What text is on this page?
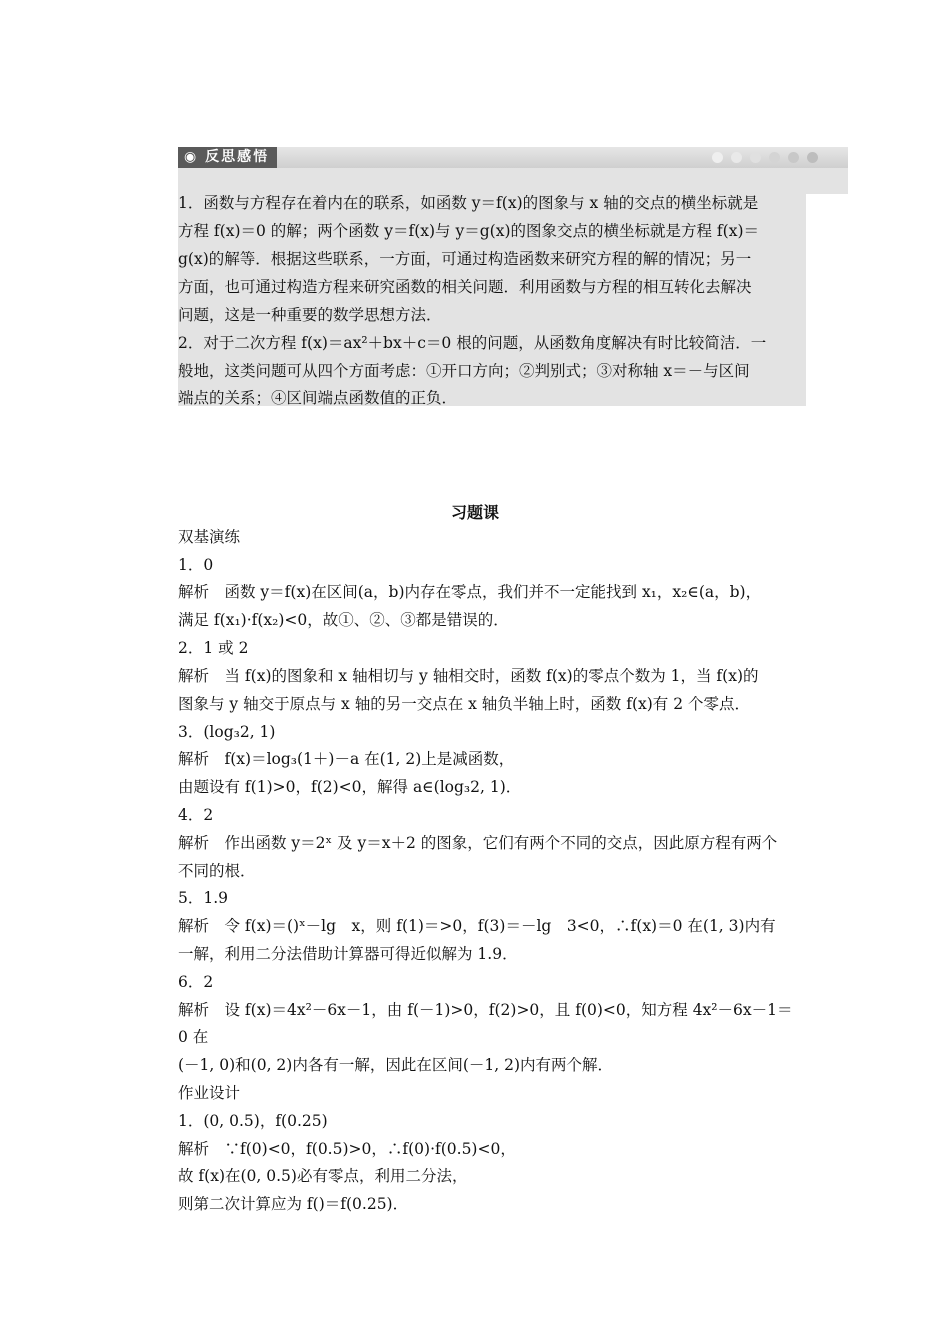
◉ 反思感悟
1．函数与方程存在着内在的联系，如函数 y＝f(x)的图象与 x 轴的交点的横坐标就是
方程 f(x)＝0 的解；两个函数 y＝f(x)与 y＝g(x)的图象交点的横坐标就是方程 f(x)＝
g(x)的解等．根据这些联系，一方面，可通过构造函数来研究方程的解的情况；另一
方面，也可通过构造方程来研究函数的相关问题．利用函数与方程的相互转化去解决
问题，这是一种重要的数学思想方法．
2．对于二次方程 f(x)＝ax²＋bx＋c＝0 根的问题，从函数角度解决有时比较简洁．一
般地，这类问题可从四个方面考虑：①开口方向；②判别式；③对称轴 x＝－与区间
端点的关系；④区间端点函数值的正负．
习题课
双基演练
1．0
解析　函数 y＝f(x)在区间(a，b)内存在零点，我们并不一定能找到 x₁，x₂∈(a，b)，
满足 f(x₁)·f(x₂)<0，故①、②、③都是错误的．
2．1 或 2
解析　当 f(x)的图象和 x 轴相切与 y 轴相交时，函数 f(x)的零点个数为 1，当 f(x)的
图象与 y 轴交于原点与 x 轴的另一交点在 x 轴负半轴上时，函数 f(x)有 2 个零点．
3．(log₃2, 1)
解析　f(x)＝log₃(1＋)－a 在(1, 2)上是减函数，
由题设有 f(1)>0，f(2)<0，解得 a∈(log₃2, 1)．
4．2
解析　作出函数 y＝2ˣ 及 y＝x＋2 的图象，它们有两个不同的交点，因此原方程有两个
不同的根．
5．1.9
解析　令 f(x)＝()ˣ－lg　x，则 f(1)＝>0，f(3)＝－lg　3<0，∴f(x)＝0 在(1, 3)内有
一解，利用二分法借助计算器可得近似解为 1.9．
6．2
解析　设 f(x)＝4x²－6x－1，由 f(－1)>0，f(2)>0，且 f(0)<0，知方程 4x²－6x－1＝
0 在
(－1, 0)和(0, 2)内各有一解，因此在区间(－1, 2)内有两个解．
作业设计
1．(0, 0.5)，f(0.25)
解析　∵f(0)<0，f(0.5)>0，∴f(0)·f(0.5)<0，
故 f(x)在(0, 0.5)必有零点，利用二分法，
则第二次计算应为 f()＝f(0.25)．
